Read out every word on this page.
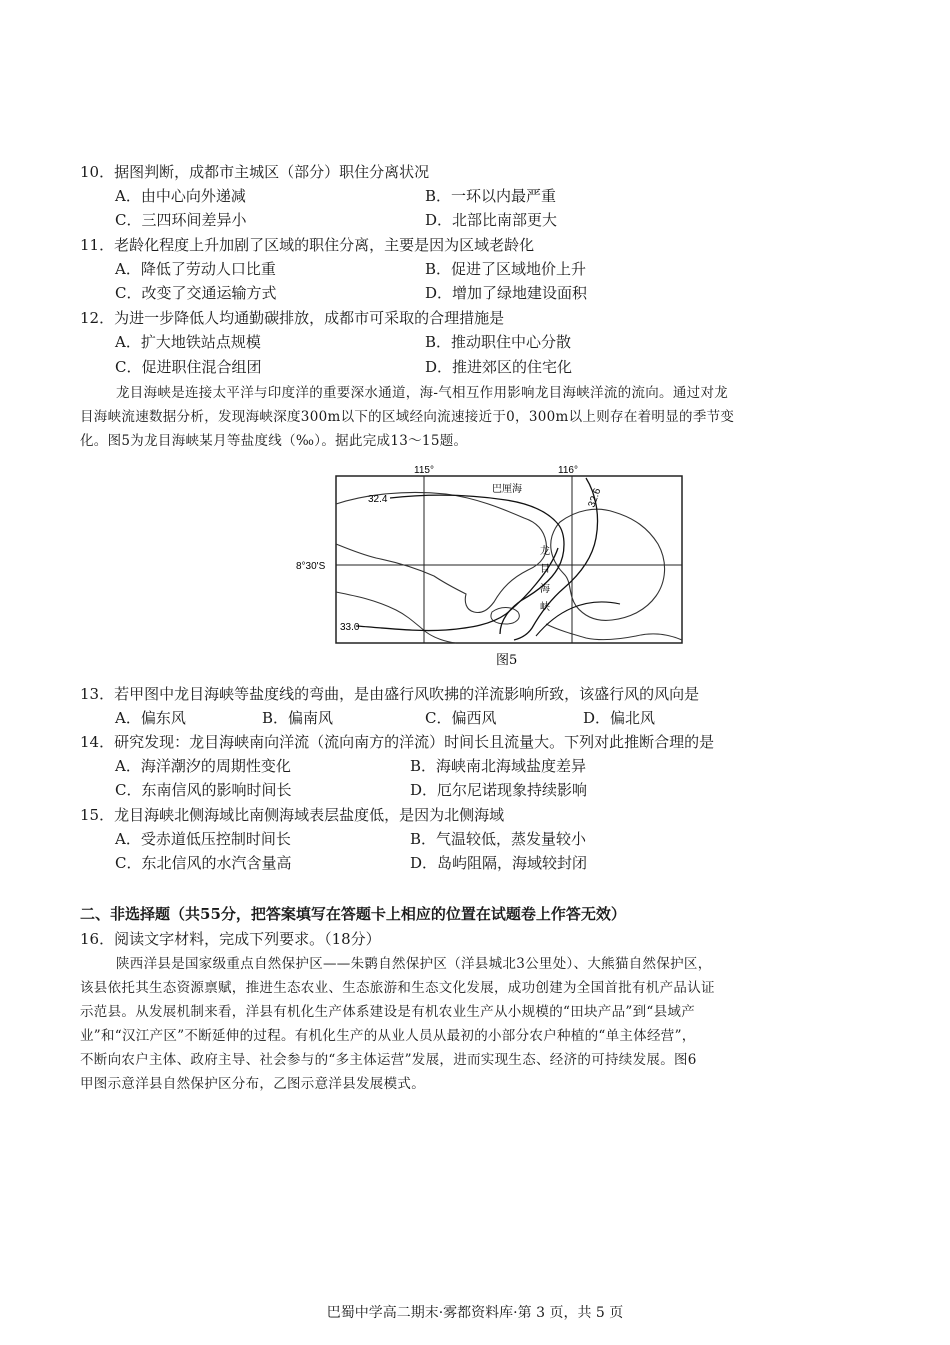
10．据图判断，成都市主城区（部分）职住分离状况
A．由中心向外递减	B．一环以内最严重
C．三四环间差异小	D．北部比南部更大
11．老龄化程度上升加剧了区域的职住分离，主要是因为区域老龄化
A．降低了劳动人口比重	B．促进了区域地价上升
C．改变了交通运输方式	D．增加了绿地建设面积
12．为进一步降低人均通勤碳排放，成都市可采取的合理措施是
A．扩大地铁站点规模	B．推动职住中心分散
C．促进职住混合组团	D．推进郊区的住宅化
龙目海峡是连接太平洋与印度洋的重要深水通道，海-气相互作用影响龙目海峡洋流的流向。通过对龙
目海峡流速数据分析，发现海峡深度300m以下的区域经向流速接近于0，300m以上则存在着明显的季节变
化。图5为龙目海峡某月等盐度线（‰）。据此完成13～15题。
115°	116°
8°30'S
32.4	32.6
33.0
巴厘海
龙
目
海
峡
图5
13．若甲图中龙目海峡等盐度线的弯曲，是由盛行风吹拂的洋流影响所致，该盛行风的风向是
A．偏东风	B．偏南风	C．偏西风	D．偏北风
14．研究发现：龙目海峡南向洋流（流向南方的洋流）时间长且流量大。下列对此推断合理的是
A．海洋潮汐的周期性变化	B．海峡南北海域盐度差异
C．东南信风的影响时间长	D．厄尔尼诺现象持续影响
15．龙目海峡北侧海域比南侧海域表层盐度低，是因为北侧海域
A．受赤道低压控制时间长	B．气温较低，蒸发量较小
C．东北信风的水汽含量高	D．岛屿阻隔，海域较封闭
二、非选择题（共55分，把答案填写在答题卡上相应的位置在试题卷上作答无效）
16．阅读文字材料，完成下列要求。（18分）
陕西洋县是国家级重点自然保护区——朱鹮自然保护区（洋县城北3公里处）、大熊猫自然保护区，
该县依托其生态资源禀赋，推进生态农业、生态旅游和生态文化发展，成功创建为全国首批有机产品认证
示范县。从发展机制来看，洋县有机化生产体系建设是有机农业生产从小规模的“田块产品”到“县域产
业”和“汉江产区”不断延伸的过程。有机化生产的从业人员从最初的小部分农户种植的“单主体经营”，
不断向农户主体、政府主导、社会参与的“多主体运营”发展，进而实现生态、经济的可持续发展。图6
甲图示意洋县自然保护区分布，乙图示意洋县发展模式。
巴蜀中学高二期末·雾都资料库·第 3 页，共 5 页
